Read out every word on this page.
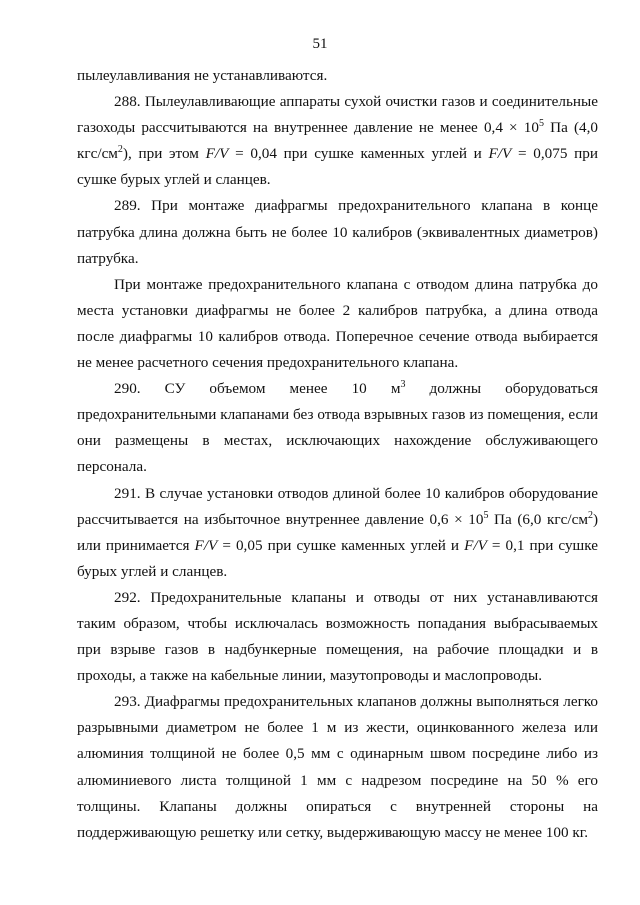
51

пылеулавливания не устанавливаются.

288. Пылеулавливающие аппараты сухой очистки газов и соединительные газоходы рассчитываются на внутреннее давление не менее $0,4 \times 10^5$ Па (4,0 кгс/$см^2$), при этом F/V = 0,04 при сушке каменных углей и F/V = 0,075 при сушке бурых углей и сланцев.

289. При монтаже диафрагмы предохранительного клапана в конце патрубка длина должна быть не более 10 калибров (эквивалентных диаметров) патрубка.

При монтаже предохранительного клапана с отводом длина патрубка до места установки диафрагмы не более 2 калибров патрубка, а длина отвода после диафрагмы 10 калибров отвода. Поперечное сечение отвода выбирается не менее расчетного сечения предохранительного клапана.

290. СУ объемом менее 10 $м^3$ должны оборудоваться предохранительными клапанами без отвода взрывных газов из помещения, если они размещены в местах, исключающих нахождение обслуживающего персонала.

291. В случае установки отводов длиной более 10 калибров оборудование рассчитывается на избыточное внутреннее давление $0,6 \times 10^5$ Па (6,0 кгс/$см^2$) или принимается F/V = 0,05 при сушке каменных углей и F/V = 0,1 при сушке бурых углей и сланцев.

292. Предохранительные клапаны и отводы от них устанавливаются таким образом, чтобы исключалась возможность попадания выбрасываемых при взрыве газов в надбункерные помещения, на рабочие площадки и в проходы, а также на кабельные линии, мазутопроводы и маслопроводы.

293. Диафрагмы предохранительных клапанов должны выполняться легко разрывными диаметром не более 1 м из жести, оцинкованного железа или алюминия толщиной не более 0,5 мм с одинарным швом посредине либо из алюминиевого листа толщиной 1 мм с надрезом посредине на 50 % его толщины. Клапаны должны опираться с внутренней стороны на поддерживающую решетку или сетку, выдерживающую массу не менее 100 кг.
